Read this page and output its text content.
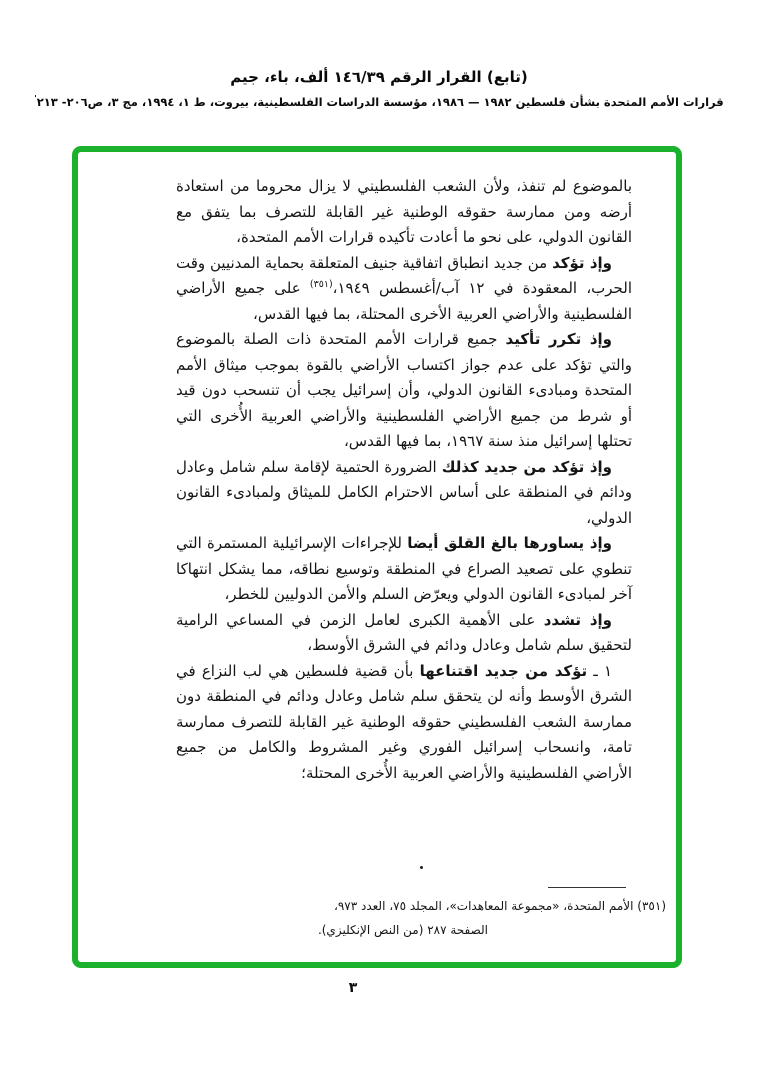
(تابع) القرار الرقم ١٤٦/٣٩ ألف، باء، جيم
قرارات الأمم المتحدة بشأن فلسطين ١٩٨٢ — ١٩٨٦، مؤسسة الدراسات الفلسطينية، بيروت، ط ١، ١٩٩٤، مج ٣، ص٢٠٦- ٢١٣'

بالموضوع لم تنفذ، ولأن الشعب الفلسطيني لا يزال محروما من استعادة أرضه ومن ممارسة حقوقه الوطنية غير القابلة للتصرف بما يتفق مع القانون الدولي، على نحو ما أعادت تأكيده قرارات الأمم المتحدة،

وإذ تؤكد من جديد انطباق اتفاقية جنيف المتعلقة بحماية المدنيين وقت الحرب، المعقودة في ١٢ آب/أغسطس ١٩٤٩،$^{(٣٥١)}$ على جميع الأراضي الفلسطينية والأراضي العربية الأخرى المحتلة، بما فيها القدس،

وإذ تكرر تأكيد جميع قرارات الأمم المتحدة ذات الصلة بالموضوع والتي تؤكد على عدم جواز اكتساب الأراضي بالقوة بموجب ميثاق الأمم المتحدة ومبادىء القانون الدولي، وأن إسرائيل يجب أن تنسحب دون قيد أو شرط من جميع الأراضي الفلسطينية والأراضي العربية الأُخرى التي تحتلها إسرائيل منذ سنة ١٩٦٧، بما فيها القدس،

وإذ تؤكد من جديد كذلك الضرورة الحتمية لإقامة سلم شامل وعادل ودائم في المنطقة على أساس الاحترام الكامل للميثاق ولمبادىء القانون الدولي،

وإذ يساورها بالغ القلق أيضا للإجراءات الإسرائيلية المستمرة التي تنطوي على تصعيد الصراع في المنطقة وتوسيع نطاقه، مما يشكل انتهاكا آخر لمبادىء القانون الدولي ويعرّض السلم والأمن الدوليين للخطر،

وإذ تشدد على الأهمية الكبرى لعامل الزمن في المساعي الرامية لتحقيق سلم شامل وعادل ودائم في الشرق الأوسط،

١ ـ تؤكد من جديد اقتناعها بأن قضية فلسطين هي لب النزاع في الشرق الأوسط وأنه لن يتحقق سلم شامل وعادل ودائم في المنطقة دون ممارسة الشعب الفلسطيني حقوقه الوطنية غير القابلة للتصرف ممارسة تامة، وانسحاب إسرائيل الفوري وغير المشروط والكامل من جميع الأراضي الفلسطينية والأراضي العربية الأُخرى المحتلة؛

(٣٥١) الأمم المتحدة، «مجموعة المعاهدات»، المجلد ٧٥، العدد ٩٧٣،
الصفحة ٢٨٧ (من النص الإنكليزي).
٣
